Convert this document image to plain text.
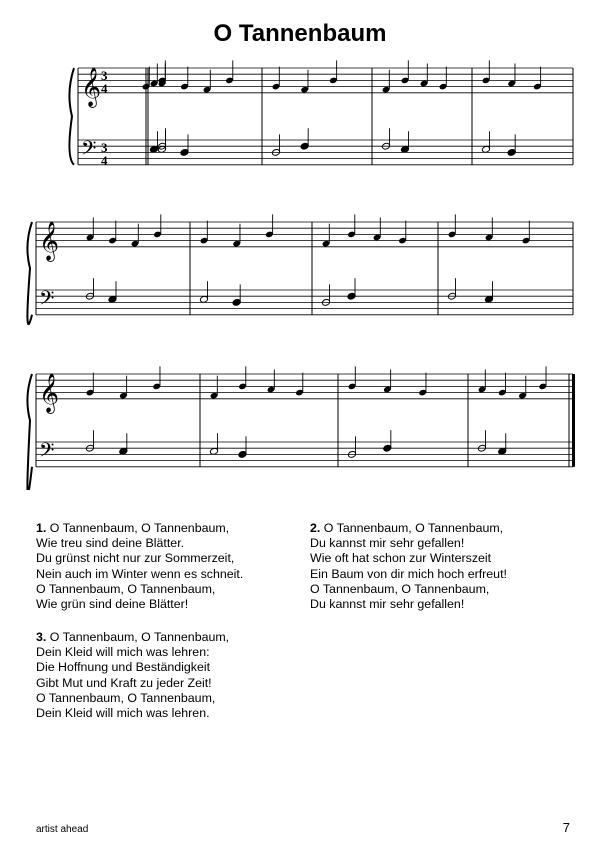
O Tannenbaum
𝄞
𝄢
𝄞
𝄢
𝄞
𝄢
3
4
3
4
1. O Tannenbaum, O Tannenbaum,
Wie treu sind deine Blätter.
Du grünst nicht nur zur Sommerzeit,
Nein auch im Winter wenn es schneit.
O Tannenbaum, O Tannenbaum,
Wie grün sind deine Blätter!
2. O Tannenbaum, O Tannenbaum,
Du kannst mir sehr gefallen!
Wie oft hat schon zur Winterszeit
Ein Baum von dir mich hoch erfreut!
O Tannenbaum, O Tannenbaum,
Du kannst mir sehr gefallen!
3. O Tannenbaum, O Tannenbaum,
Dein Kleid will mich was lehren:
Die Hoffnung und Beständigkeit
Gibt Mut und Kraft zu jeder Zeit!
O Tannenbaum, O Tannenbaum,
Dein Kleid will mich was lehren.
artist ahead	7
